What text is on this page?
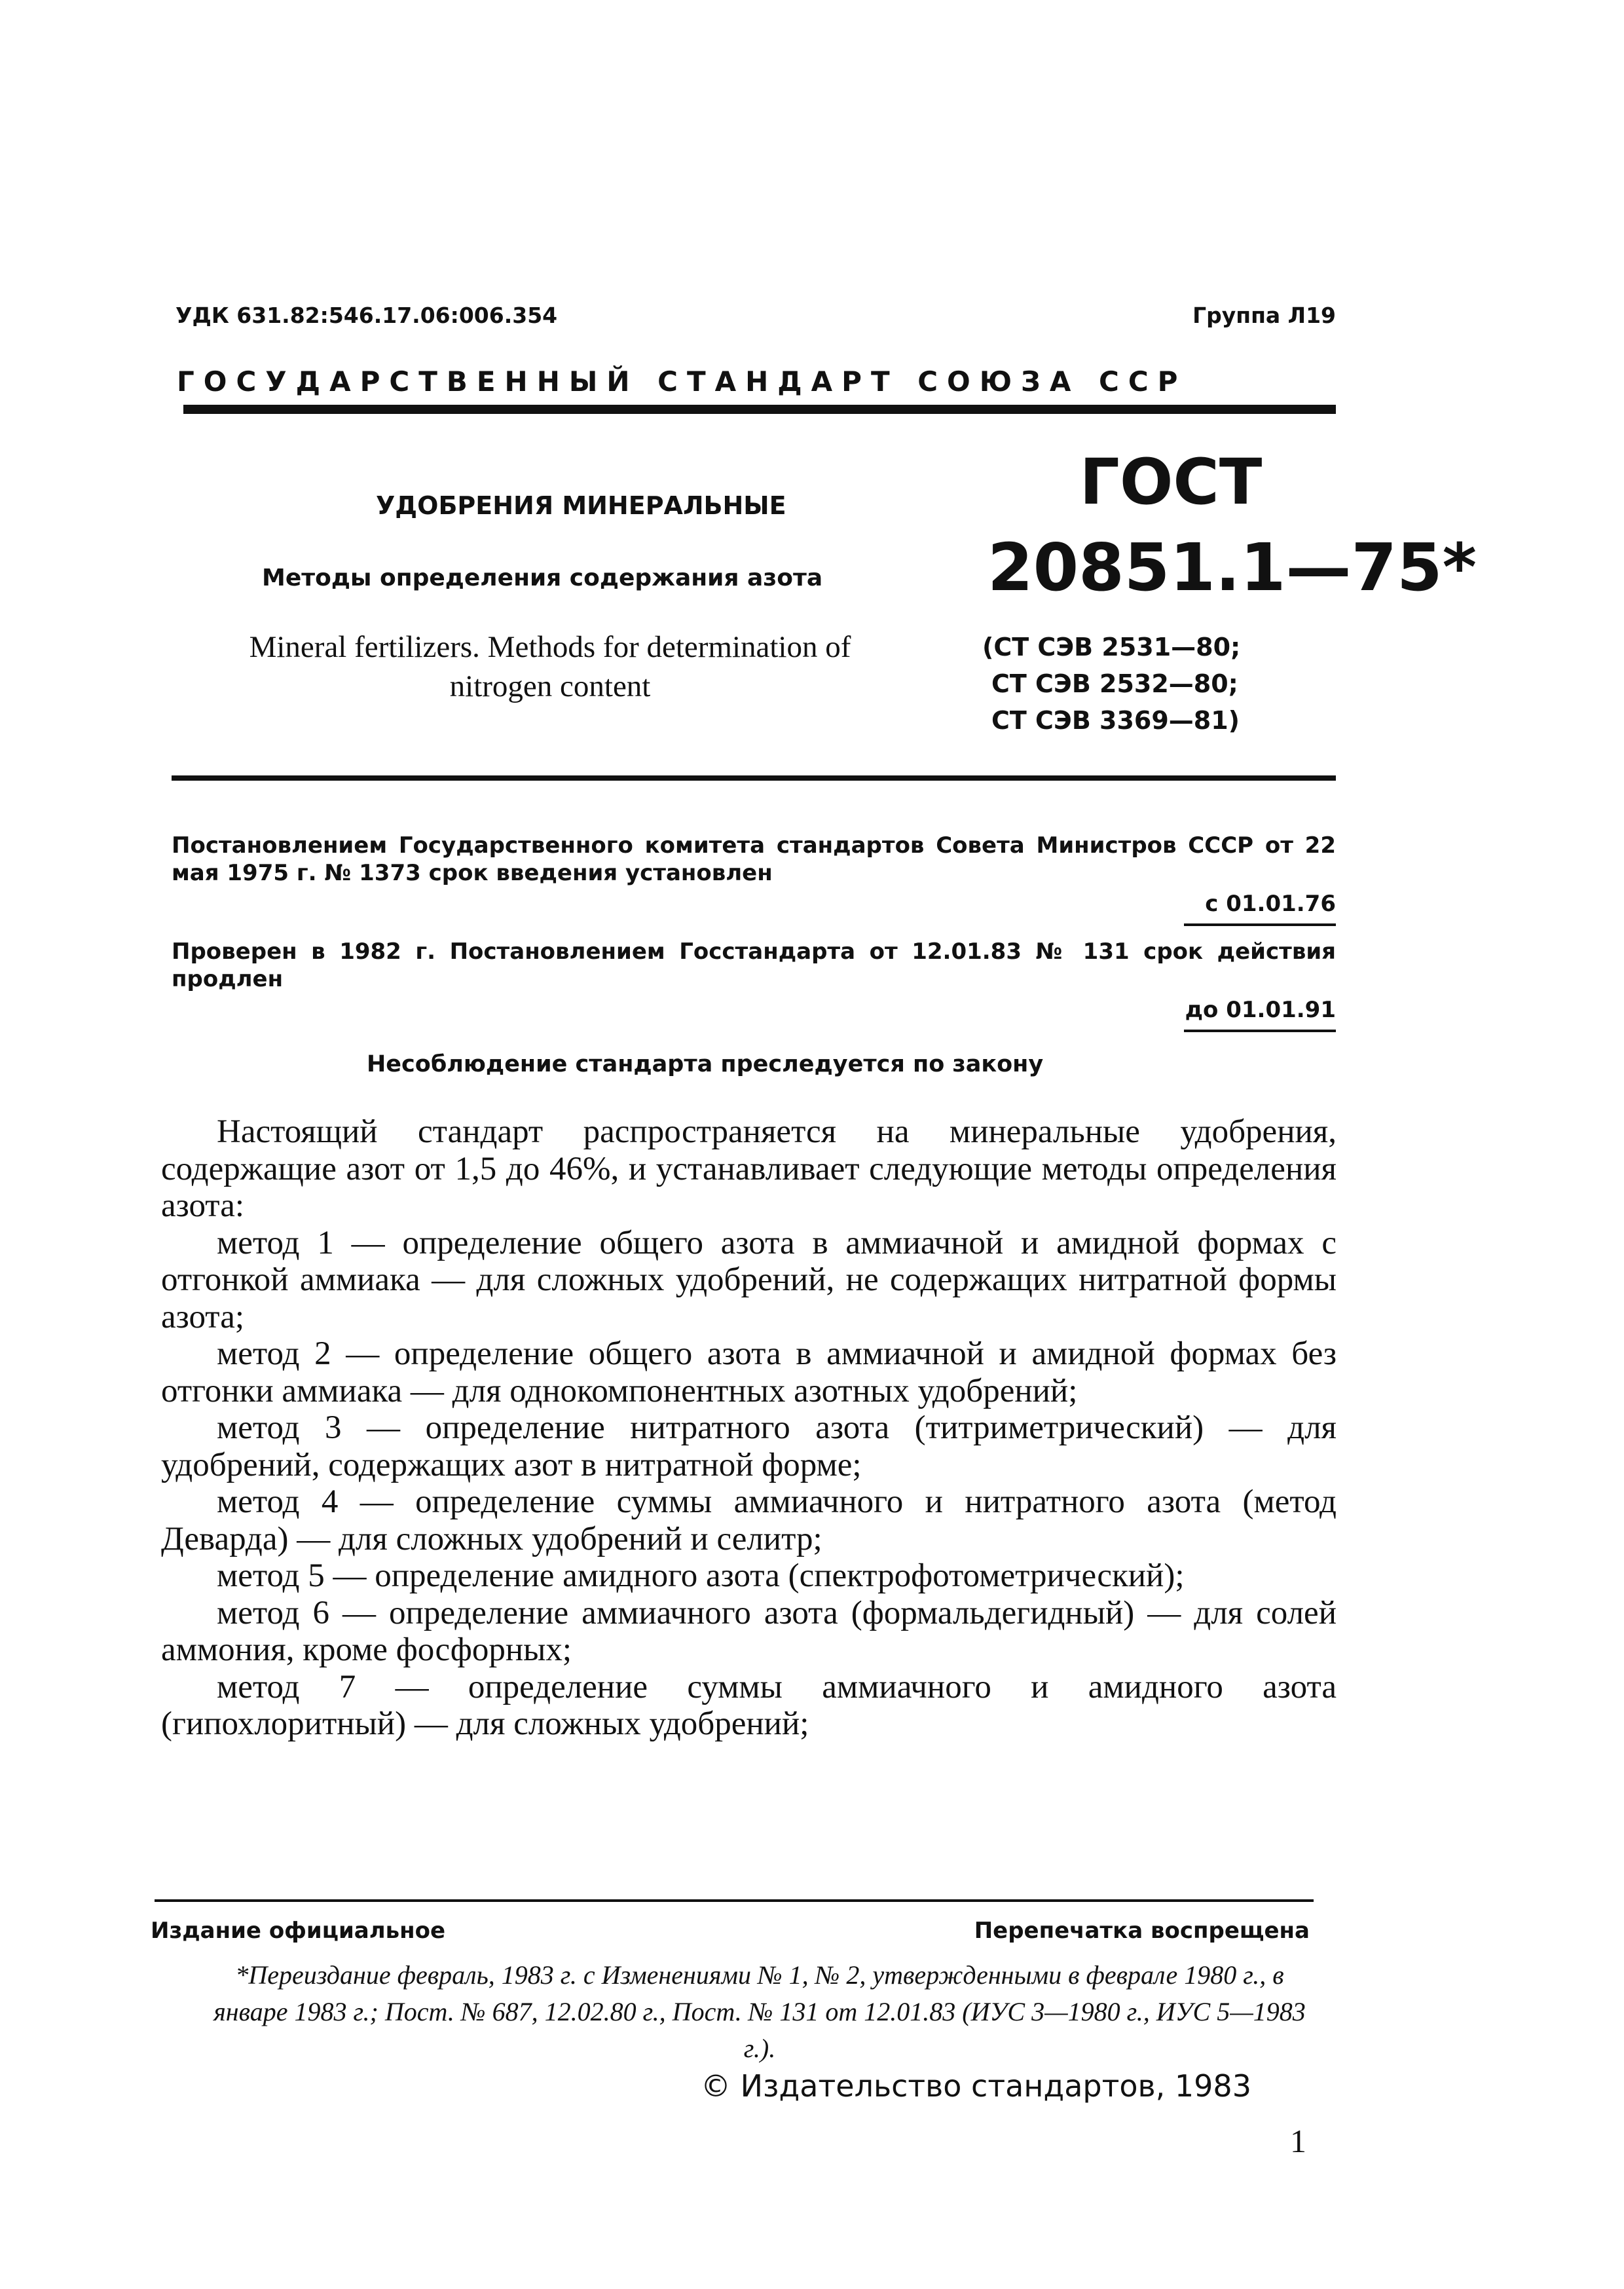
УДК 631.82:546.17.06:006.354	Группа Л19
ГОСУДАРСТВЕННЫЙ СТАНДАРТ СОЮЗА ССР
УДОБРЕНИЯ МИНЕРАЛЬНЫЕ
Методы определения содержания азота
Mineral fertilizers. Methods for determination of nitrogen content
ГОСТ
20851.1—75*
(СТ СЭВ 2531—80;
СТ СЭВ 2532—80;
СТ СЭВ 3369—81)
Постановлением Государственного комитета стандартов Совета Министров СССР от 22 мая 1975 г. № 1373 срок введения установлен
с 01.01.76
Проверен в 1982 г. Постановлением Госстандарта от 12.01.83 № 131 срок действия продлен
до 01.01.91
Несоблюдение стандарта преследуется по закону

Настоящий стандарт распространяется на минеральные удобрения, содержащие азот от 1,5 до 46%, и устанавливает следующие методы определения азота:

метод 1 — определение общего азота в аммиачной и амидной формах с отгонкой аммиака — для сложных удобрений, не содержащих нитратной формы азота;

метод 2 — определение общего азота в аммиачной и амидной формах без отгонки аммиака — для однокомпонентных азотных удобрений;

метод 3 — определение нитратного азота (титриметрический) — для удобрений, содержащих азот в нитратной форме;

метод 4 — определение суммы аммиачного и нитратного азота (метод Деварда) — для сложных удобрений и селитр;

метод 5 — определение амидного азота (спектрофотометрический);

метод 6 — определение аммиачного азота (формальдегидный) — для солей аммония, кроме фосфорных;

метод 7 — определение суммы аммиачного и амидного азота (гипохлоритный) — для сложных удобрений;

Издание официальное	Перепечатка воспрещена
*Переиздание февраль, 1983 г. с Изменениями № 1, № 2, утвержденными в феврале 1980 г., в январе 1983 г.; Пост. № 687, 12.02.80 г., Пост. № 131 от 12.01.83 (ИУС 3—1980 г., ИУС 5—1983 г.).
© Издательство стандартов, 1983
1
